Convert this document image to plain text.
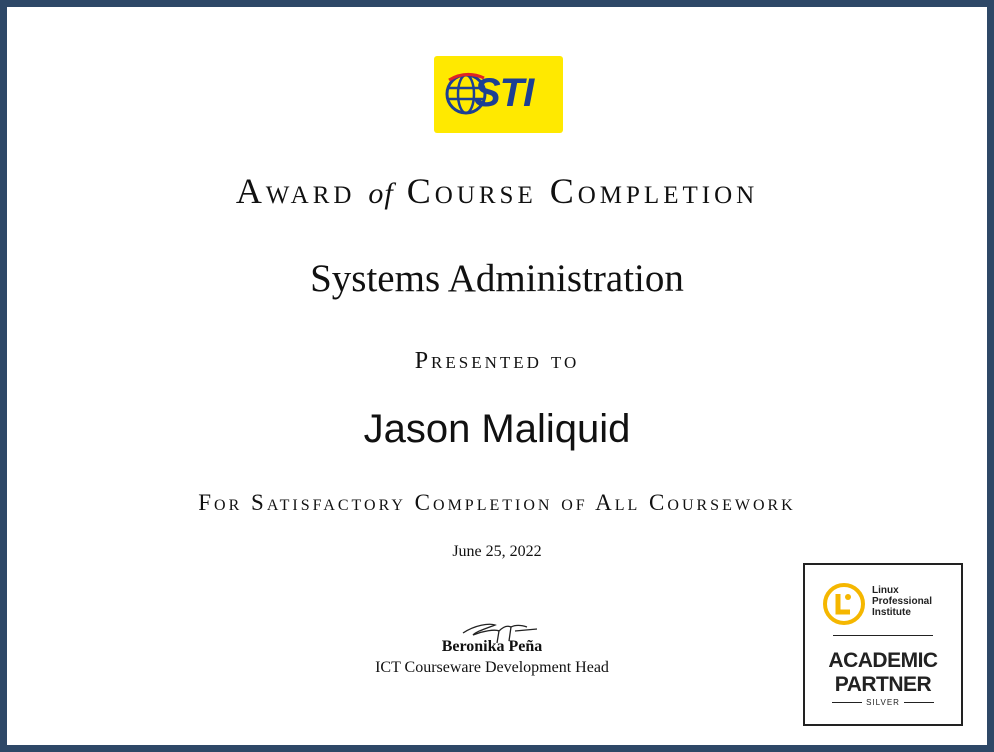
STI
Award of Course Completion
Systems Administration
Presented to
Jason Maliquid
For Satisfactory Completion of All Coursework
June 25, 2022
Beronika Peña
ICT Courseware Development Head
Linux
Professional
Institute
ACADEMIC
PARTNER
SILVER
